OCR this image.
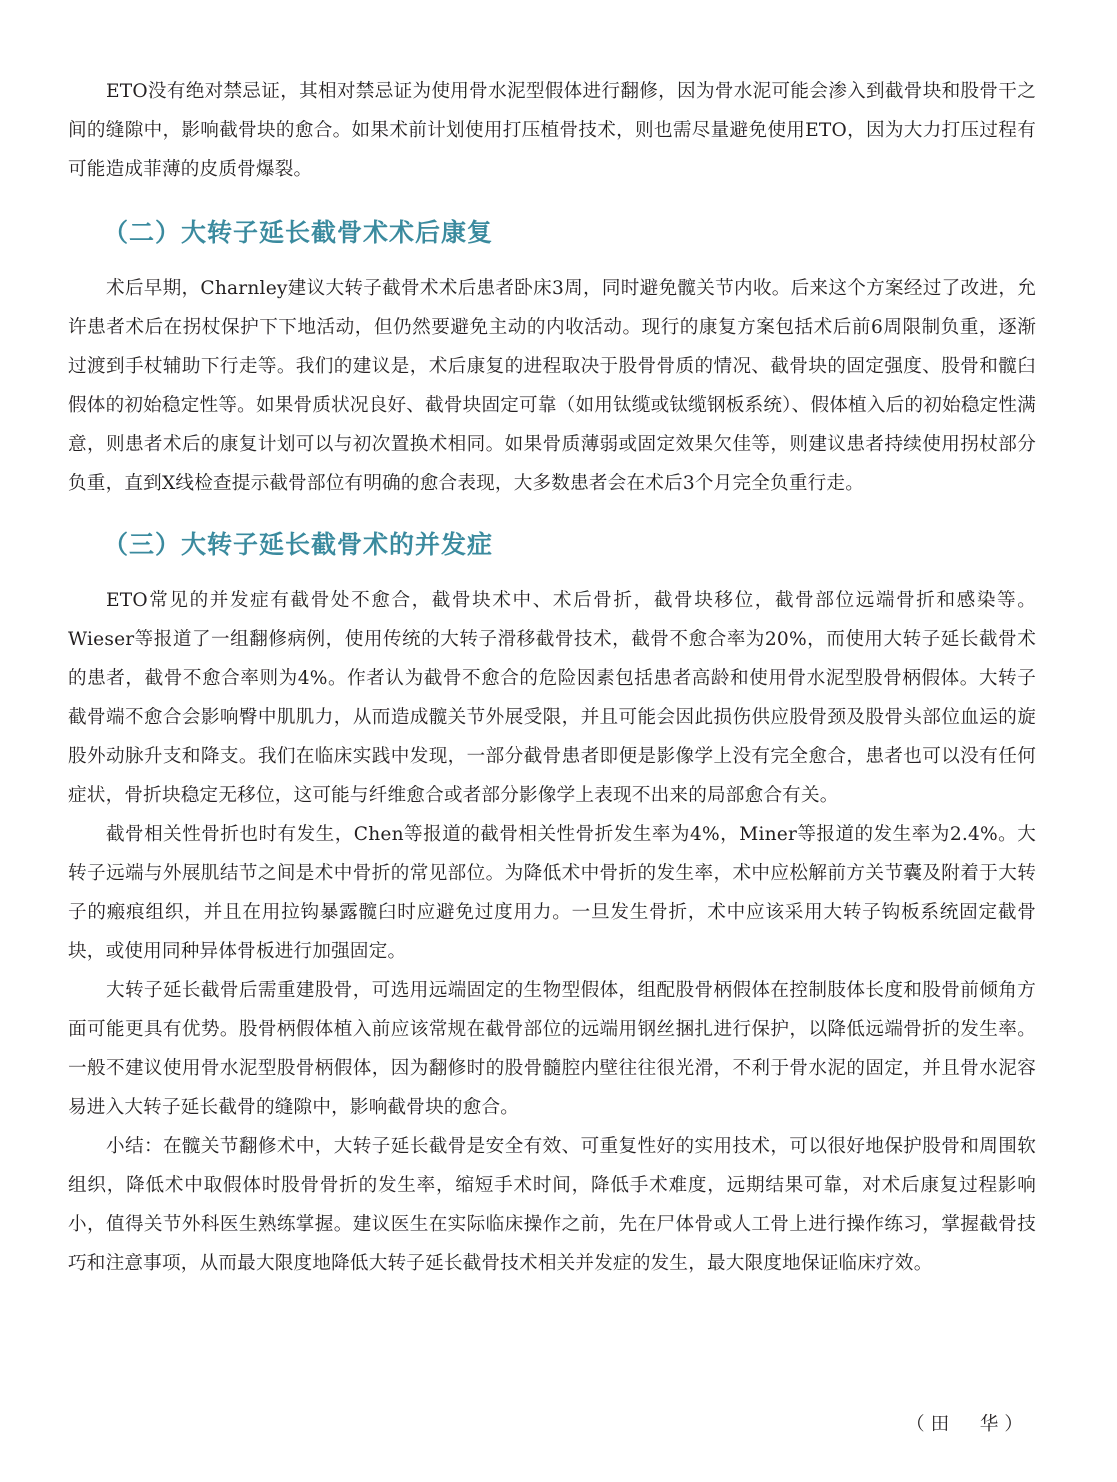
ETO没有绝对禁忌证，其相对禁忌证为使用骨水泥型假体进行翻修，因为骨水泥可能会渗入到截骨块和股骨干之间的缝隙中，影响截骨块的愈合。如果术前计划使用打压植骨技术，则也需尽量避免使用ETO，因为大力打压过程有可能造成菲薄的皮质骨爆裂。

（二）大转子延长截骨术术后康复

术后早期，Charnley建议大转子截骨术术后患者卧床3周，同时避免髋关节内收。后来这个方案经过了改进，允许患者术后在拐杖保护下下地活动，但仍然要避免主动的内收活动。现行的康复方案包括术后前6周限制负重，逐渐过渡到手杖辅助下行走等。我们的建议是，术后康复的进程取决于股骨骨质的情况、截骨块的固定强度、股骨和髋臼假体的初始稳定性等。如果骨质状况良好、截骨块固定可靠（如用钛缆或钛缆钢板系统）、假体植入后的初始稳定性满意，则患者术后的康复计划可以与初次置换术相同。如果骨质薄弱或固定效果欠佳等，则建议患者持续使用拐杖部分负重，直到X线检查提示截骨部位有明确的愈合表现，大多数患者会在术后3个月完全负重行走。

（三）大转子延长截骨术的并发症

ETO常见的并发症有截骨处不愈合，截骨块术中、术后骨折，截骨块移位，截骨部位远端骨折和感染等。Wieser等报道了一组翻修病例，使用传统的大转子滑移截骨技术，截骨不愈合率为20%，而使用大转子延长截骨术的患者，截骨不愈合率则为4%。作者认为截骨不愈合的危险因素包括患者高龄和使用骨水泥型股骨柄假体。大转子截骨端不愈合会影响臀中肌肌力，从而造成髋关节外展受限，并且可能会因此损伤供应股骨颈及股骨头部位血运的旋股外动脉升支和降支。我们在临床实践中发现，一部分截骨患者即便是影像学上没有完全愈合，患者也可以没有任何症状，骨折块稳定无移位，这可能与纤维愈合或者部分影像学上表现不出来的局部愈合有关。

截骨相关性骨折也时有发生，Chen等报道的截骨相关性骨折发生率为4%，Miner等报道的发生率为2.4%。大转子远端与外展肌结节之间是术中骨折的常见部位。为降低术中骨折的发生率，术中应松解前方关节囊及附着于大转子的瘢痕组织，并且在用拉钩暴露髋臼时应避免过度用力。一旦发生骨折，术中应该采用大转子钩板系统固定截骨块，或使用同种异体骨板进行加强固定。

大转子延长截骨后需重建股骨，可选用远端固定的生物型假体，组配股骨柄假体在控制肢体长度和股骨前倾角方面可能更具有优势。股骨柄假体植入前应该常规在截骨部位的远端用钢丝捆扎进行保护，以降低远端骨折的发生率。一般不建议使用骨水泥型股骨柄假体，因为翻修时的股骨髓腔内壁往往很光滑，不利于骨水泥的固定，并且骨水泥容易进入大转子延长截骨的缝隙中，影响截骨块的愈合。

小结：在髋关节翻修术中，大转子延长截骨是安全有效、可重复性好的实用技术，可以很好地保护股骨和周围软组织，降低术中取假体时股骨骨折的发生率，缩短手术时间，降低手术难度，远期结果可靠，对术后康复过程影响小，值得关节外科医生熟练掌握。建议医生在实际临床操作之前，先在尸体骨或人工骨上进行操作练习，掌握截骨技巧和注意事项，从而最大限度地降低大转子延长截骨技术相关并发症的发生，最大限度地保证临床疗效。

（田　华）
